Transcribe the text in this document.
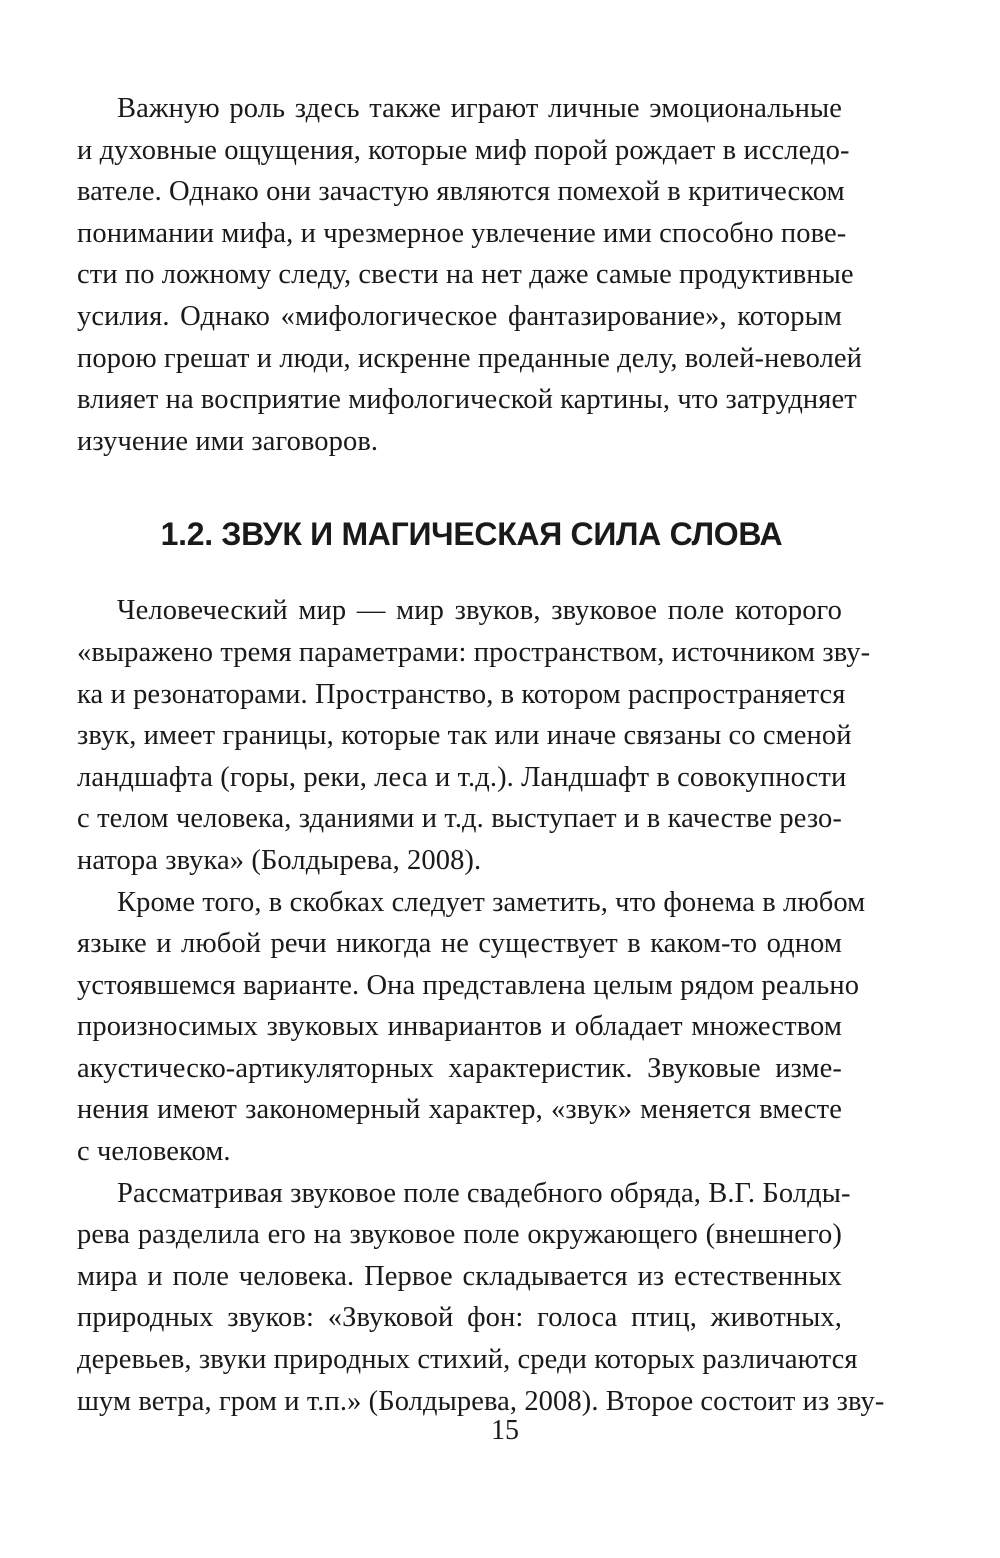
Важную роль здесь также играют личные эмоциональные
и духовные ощущения, которые миф порой рождает в исследо-
вателе. Однако они зачастую являются помехой в критическом
понимании мифа, и чрезмерное увлечение ими способно пове-
сти по ложному следу, свести на нет даже самые продуктивные
усилия. Однако «мифологическое фантазирование», которым
порою грешат и люди, искренне преданные делу, волей-неволей
влияет на восприятие мифологической картины, что затрудняет
изучение ими заговоров.
1.2. ЗВУК И МАГИЧЕСКАЯ СИЛА СЛОВА
Человеческий мир — мир звуков, звуковое поле которого
«выражено тремя параметрами: пространством, источником зву-
ка и резонаторами. Пространство, в котором распространяется
звук, имеет границы, которые так или иначе связаны со сменой
ландшафта (горы, реки, леса и т.д.). Ландшафт в совокупности
с телом человека, зданиями и т.д. выступает и в качестве резо-
натора звука» (Болдырева, 2008).
Кроме того, в скобках следует заметить, что фонема в любом
языке и любой речи никогда не существует в каком-то одном
устоявшемся варианте. Она представлена целым рядом реально
произносимых звуковых инвариантов и обладает множеством
акустическо-артикуляторных характеристик. Звуковые изме-
нения имеют закономерный характер, «звук» меняется вместе
с человеком.
Рассматривая звуковое поле свадебного обряда, В.Г. Болды-
рева разделила его на звуковое поле окружающего (внешнего)
мира и поле человека. Первое складывается из естественных
природных звуков: «Звуковой фон: голоса птиц, животных,
деревьев, звуки природных стихий, среди которых различаются
шум ветра, гром и т.п.» (Болдырева, 2008). Второе состоит из зву-
15
